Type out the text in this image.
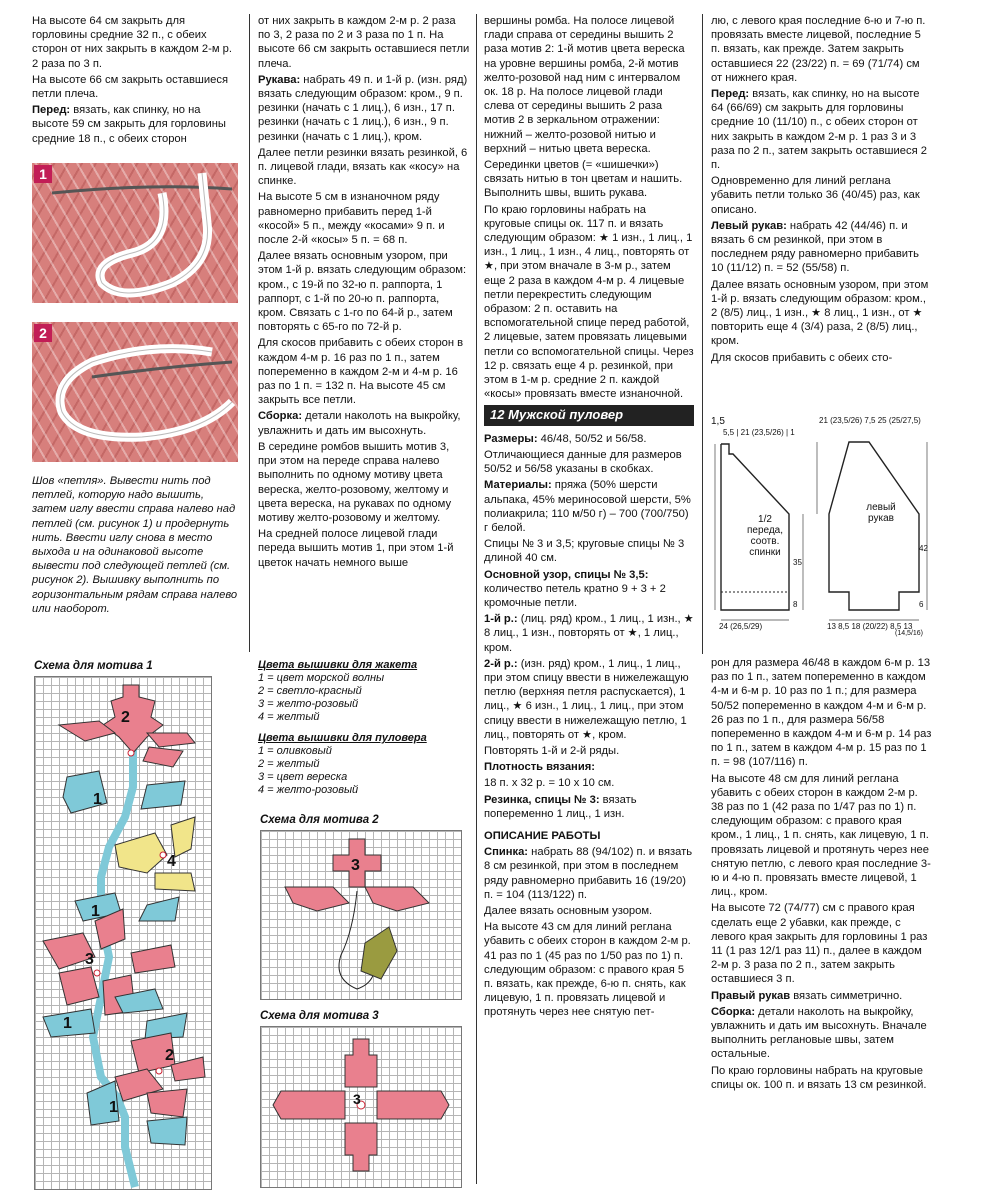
На высоте 64 см закрыть для горловины средние 32 п., с обеих сторон от них закрыть в каждом 2-м р. 2 раза по 3 п.

На высоте 66 см закрыть оставшиеся петли плеча.

Перед: вязать, как спинку, но на высоте 59 см закрыть для горловины средние 18 п., с обеих сторон

1
2

Шов «петля». Вывести нить под петлей, которую надо вышить, затем иглу ввести справа налево над петлей (см. рисунок 1) и продернуть нить. Ввести иглу снова в место выхода и на одинаковой высоте вывести под следующей петлей (см. рисунок 2). Вышивку выполнить по горизонтальным рядам справа налево или наоборот.

от них закрыть в каждом 2-м р. 2 раза по 3, 2 раза по 2 и 3 раза по 1 п. На высоте 66 см закрыть оставшиеся петли плеча.

Рукава: набрать 49 п. и 1-й р. (изн. ряд) вязать следующим образом: кром., 9 п. резинки (начать с 1 лиц.), 6 изн., 17 п. резинки (начать с 1 лиц.), 6 изн., 9 п. резинки (начать с 1 лиц.), кром.

Далее петли резинки вязать резинкой, 6 п. лицевой глади, вязать как «косу» на спинке.

На высоте 5 см в изнаночном ряду равномерно прибавить перед 1-й «косой» 5 п., между «косами» 9 п. и после 2-й «косы» 5 п. = 68 п.

Далее вязать основным узором, при этом 1-й р. вязать следующим образом: кром., с 19-й по 32-ю п. раппорта, 1 раппорт, с 1-й по 20-ю п. раппорта, кром. Связать с 1-го по 64-й р., затем повторять с 65-го по 72-й р.

Для скосов прибавить с обеих сторон в каждом 4-м р. 16 раз по 1 п., затем попеременно в каждом 2-м и 4-м р. 16 раз по 1 п. = 132 п. На высоте 45 см закрыть все петли.

Сборка: детали наколоть на выкройку, увлажнить и дать им высохнуть.

В середине ромбов вышить мотив 3, при этом на переде справа налево выполнить по одному мотиву цвета вереска, желто-розовому, желтому и цвета вереска, на рукавах по одному мотиву желто-розовому и желтому.

На средней полосе лицевой глади переда вышить мотив 1, при этом 1-й цветок начать немного выше

Цвета вышивки для жакета
1 = цвет морской волны
2 = светло-красный
3 = желто-розовый
4 = желтый
Цвета вышивки для пуловера
1 = оливковый
2 = желтый
3 = цвет вереска
4 = желто-розовый
Схема для мотива 1
Схема для мотива 2
Схема для мотива 3
2
1
4
1
3
1
2
1
3
3

вершины ромба. На полосе лицевой глади справа от середины вышить 2 раза мотив 2: 1-й мотив цвета вереска на уровне вершины ромба, 2-й мотив желто-розовой над ним с интервалом ок. 18 р. На полосе лицевой глади слева от середины вышить 2 раза мотив 2 в зеркальном отражении: нижний – желто-розовой нитью и верхний – нитью цвета вереска.

Серединки цветов (= «шишечки») связать нитью в тон цветам и нашить. Выполнить швы, вшить рукава.

По краю горловины набрать на круговые спицы ок. 117 п. и вязать следующим образом: ★ 1 изн., 1 лиц., 1 изн., 1 лиц., 1 изн., 4 лиц., повторять от ★, при этом вначале в 3-м р., затем еще 2 раза в каждом 4-м р. 4 лицевые петли перекрестить следующим образом: 2 п. оставить на вспомогательной спице перед работой, 2 лицевые, затем провязать лицевыми петли со вспомогательной спицы. Через 12 р. связать еще 4 р. резинкой, при этом в 1-м р. средние 2 п. каждой «косы» провязать вместе изнаночной.

12 Мужской пуловер

Размеры: 46/48, 50/52 и 56/58.

Отличающиеся данные для размеров 50/52 и 56/58 указаны в скобках.

Материалы: пряжа (50% шерсти альпака, 45% мериносовой шерсти, 5% полиакрила; 110 м/50 г) – 700 (700/750) г белой.

Спицы № 3 и 3,5; круговые спицы № 3 длиной 40 см.

Основной узор, спицы № 3,5: количество петель кратно 9 + 3 + 2 кромочные петли.

1-й р.: (лиц. ряд) кром., 1 лиц., 1 изн., ★ 8 лиц., 1 изн., повторять от ★, 1 лиц., кром.

2-й р.: (изн. ряд) кром., 1 лиц., 1 лиц., при этом спицу ввести в нижележащую петлю (верхняя петля распускается), 1 лиц., ★ 6 изн., 1 лиц., 1 лиц., при этом спицу ввести в нижележащую петлю, 1 лиц., повторять от ★, кром.

Повторять 1-й и 2-й ряды.

Плотность вязания:

18 п. х 32 р. = 10 х 10 см.

Резинка, спицы № 3: вязать попеременно 1 лиц., 1 изн.

ОПИСАНИЕ РАБОТЫ

Спинка: набрать 88 (94/102) п. и вязать 8 см резинкой, при этом в последнем ряду равномерно прибавить 16 (19/20) п. = 104 (113/122) п.

Далее вязать основным узором.

На высоте 43 см для линий реглана убавить с обеих сторон в каждом 2-м р. 41 раз по 1 (45 раз по 1/50 раз по 1) п. следующим образом: с правого края 5 п. вязать, как прежде, 6-ю п. снять, как лицевую, 1 п. провязать лицевой и протянуть через нее снятую пет-

лю, с левого края последние 6-ю и 7-ю п. провязать вместе лицевой, последние 5 п. вязать, как прежде. Затем закрыть оставшиеся 22 (23/22) п. = 69 (71/74) см от нижнего края.

Перед: вязать, как спинку, но на высоте 64 (66/69) см закрыть для горловины средние 10 (11/10) п., с обеих сторон от них закрыть в каждом 2-м р. 1 раз 3 и 3 раза по 2 п., затем закрыть оставшиеся 2 п.

Одновременно для линий реглана убавить петли только 36 (40/45) раз, как описано.

Левый рукав: набрать 42 (44/46) п. и вязать 6 см резинкой, при этом в последнем ряду равномерно прибавить 10 (11/12) п. = 52 (55/58) п.

Далее вязать основным узором, при этом 1-й р. вязать следующим образом: кром., 2 (8/5) лиц., 1 изн., ★ 8 лиц., 1 изн., от ★ повторить еще 4 (3/4) раза, 2 (8/5) лиц., кром.

Для скосов прибавить с обеих сто-

1,5
5,5 | 21 (23,5/26) | 1
21 (23,5/26) 7,5 25 (25/27,5)
1/2
переда,
соотв.
спинки
левый
рукав
24 (26,5/29)	13 8,5 18 (20/22) 8,5 13
(14,5/16)
35
8	6
42

рон для размера 46/48 в каждом 6-м р. 13 раз по 1 п., затем попеременно в каждом 4-м и 6-м р. 10 раз по 1 п.; для размера 50/52 попеременно в каждом 4-м и 6-м р. 26 раз по 1 п., для размера 56/58 попеременно в каждом 4-м и 6-м р. 14 раз по 1 п., затем в каждом 4-м р. 15 раз по 1 п. = 98 (107/116) п.

На высоте 48 см для линий реглана убавить с обеих сторон в каждом 2-м р. 38 раз по 1 (42 раза по 1/47 раз по 1) п. следующим образом: с правого края кром., 1 лиц., 1 п. снять, как лицевую, 1 п. провязать лицевой и протянуть через нее снятую петлю, с левого края последние 3-ю и 4-ю п. провязать вместе лицевой, 1 лиц., кром.

На высоте 72 (74/77) см с правого края сделать еще 2 убавки, как прежде, с левого края закрыть для горловины 1 раз 11 (1 раз 12/1 раз 11) п., далее в каждом 2-м р. 3 раза по 2 п., затем закрыть оставшиеся 3 п.

Правый рукав вязать симметрично.

Сборка: детали наколоть на выкройку, увлажнить и дать им высохнуть. Вначале выполнить реглановые швы, затем остальные.

По краю горловины набрать на круговые спицы ок. 100 п. и вязать 13 см резинкой.
